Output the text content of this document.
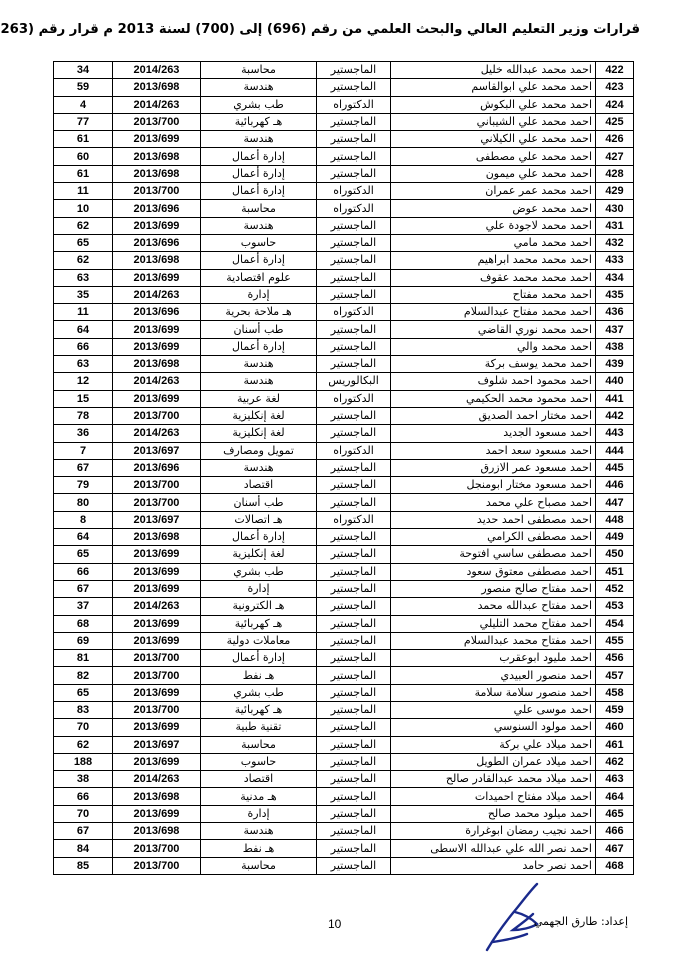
قرارات وزير التعليم العالي والبحث العلمي من رقم (696) إلى (700) لسنة 2013 م قرار رقم (263
422	احمد محمد عبدالله خليل	الماجستير	محاسبة	2014/263	34
423	احمد محمد علي ابوالقاسم	الماجستير	هندسة	2013/698	59
424	احمد محمد علي البكوش	الدكتوراه	طب بشري	2014/263	4
425	احمد محمد علي الشيباني	الماجستير	هـ كهربائية	2013/700	77
426	احمد محمد علي الكيلاني	الماجستير	هندسة	2013/699	61
427	احمد محمد علي مصطفى	الماجستير	إدارة أعمال	2013/698	60
428	احمد محمد علي ميمون	الماجستير	إدارة أعمال	2013/698	61
429	احمد محمد عمر عمران	الدكتوراه	إدارة أعمال	2013/700	11
430	احمد محمد عوض	الدكتوراه	محاسبة	2013/696	10
431	احمد محمد لاجودة علي	الماجستير	هندسة	2013/699	62
432	احمد محمد مامي	الماجستير	حاسوب	2013/696	65
433	احمد محمد محمد ابراهيم	الماجستير	إدارة أعمال	2013/698	62
434	احمد محمد محمد عقوف	الماجستير	علوم اقتصادية	2013/699	63
435	احمد محمد مفتاح	الماجستير	إدارة	2014/263	35
436	احمد محمد مفتاح عبدالسلام	الدكتوراه	هـ ملاحة بحرية	2013/696	11
437	احمد محمد نوري القاضي	الماجستير	طب أسنان	2013/699	64
438	احمد محمد والي	الماجستير	إدارة أعمال	2013/699	66
439	احمد محمد يوسف بركة	الماجستير	هندسة	2013/698	63
440	احمد محمود احمد شلوف	البكالوريس	هندسة	2014/263	12
441	احمد محمود محمد الحكيمي	الدكتوراه	لغة عربية	2013/699	15
442	احمد مختار احمد الصديق	الماجستير	لغة إنكليزية	2013/700	78
443	احمد مسعود الجديد	الماجستير	لغة إنكليزية	2014/263	36
444	احمد مسعود سعد احمد	الدكتوراه	تمويل ومصارف	2013/697	7
445	احمد مسعود عمر الازرق	الماجستير	هندسة	2013/696	67
446	احمد مسعود مختار ابومنجل	الماجستير	اقتصاد	2013/700	79
447	احمد مصباح علي محمد	الماجستير	طب أسنان	2013/700	80
448	احمد مصطفى احمد حديد	الدكتوراه	هـ اتصالات	2013/697	8
449	احمد مصطفى الكرامي	الماجستير	إدارة أعمال	2013/698	64
450	احمد مصطفى ساسي افتوحة	الماجستير	لغة إنكليزية	2013/699	65
451	احمد مصطفى معتوق سعود	الماجستير	طب بشري	2013/699	66
452	احمد مفتاح صالح منصور	الماجستير	إدارة	2013/699	67
453	احمد مفتاح عبدالله محمد	الماجستير	هـ الكترونية	2014/263	37
454	احمد مفتاح محمد التليلي	الماجستير	هـ كهربائية	2013/699	68
455	احمد مفتاح محمد عبدالسلام	الماجستير	معاملات دولية	2013/699	69
456	احمد مليود ابوعقرب	الماجستير	إدارة أعمال	2013/700	81
457	احمد منصور العبيدي	الماجستير	هـ نفط	2013/700	82
458	احمد منصور سلامة سلامة	الماجستير	طب بشري	2013/699	65
459	احمد موسى علي	الماجستير	هـ كهربائية	2013/700	83
460	احمد مولود السنوسي	الماجستير	تقنية طبية	2013/699	70
461	احمد ميلاد علي بركة	الماجستير	محاسبة	2013/697	62
462	احمد ميلاد عمران الطويل	الماجستير	حاسوب	2013/699	188
463	احمد ميلاد محمد عبدالقادر صالح	الماجستير	اقتصاد	2014/263	38
464	احمد ميلاد مفتاح احميدات	الماجستير	هـ مدنية	2013/698	66
465	احمد ميلود محمد صالح	الماجستير	إدارة	2013/699	70
466	احمد نجيب رمضان ابوغرارة	الماجستير	هندسة	2013/698	67
467	احمد نصر الله علي عبدالله الاسطى	الماجستير	هـ نفط	2013/700	84
468	احمد نصر حامد	الماجستير	محاسبة	2013/700	85
إعداد: طارق الجهمي
10
